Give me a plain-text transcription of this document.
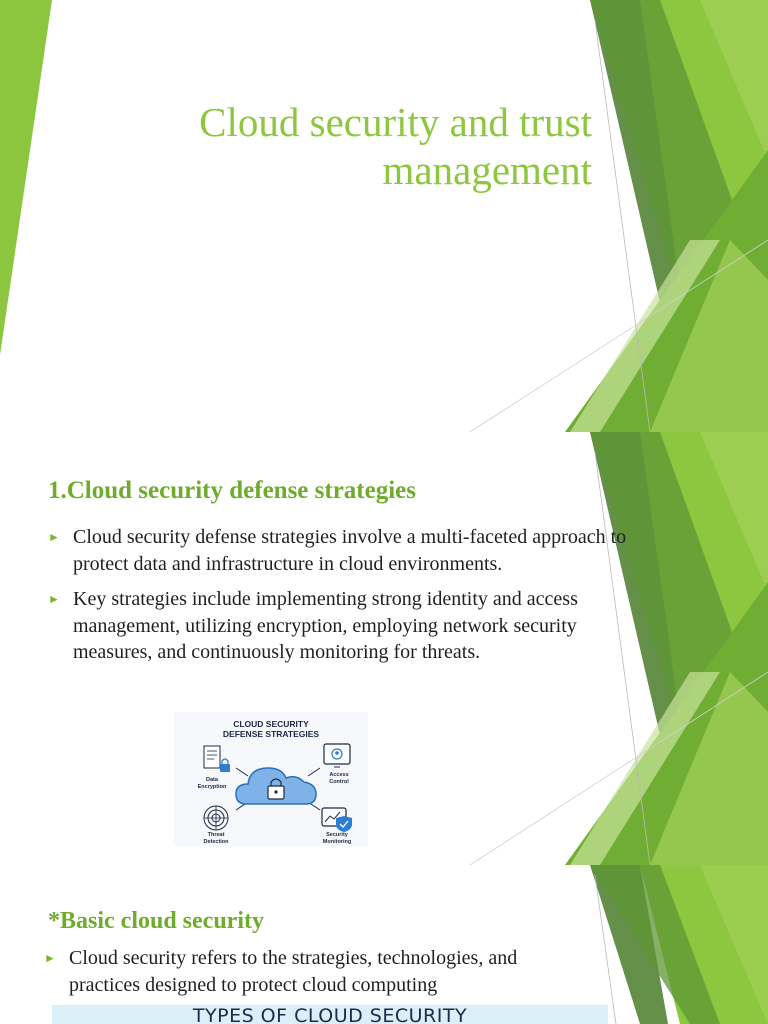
Cloud security and trust
management
1.Cloud security defense strategies
► Cloud security defense strategies involve a multi-faceted approach to protect data and infrastructure in cloud environments.
► Key strategies include implementing strong identity and access management, utilizing encryption, employing network security measures, and continuously monitoring for threats.
CLOUD SECURITY
DEFENSE STRATEGIES
Data
Encryption
Access
Control
Threat
Detection
Security
Monitoring
*Basic cloud security
► Cloud security refers to the strategies, technologies, and practices designed to protect cloud computing
TYPES OF CLOUD SECURITY
